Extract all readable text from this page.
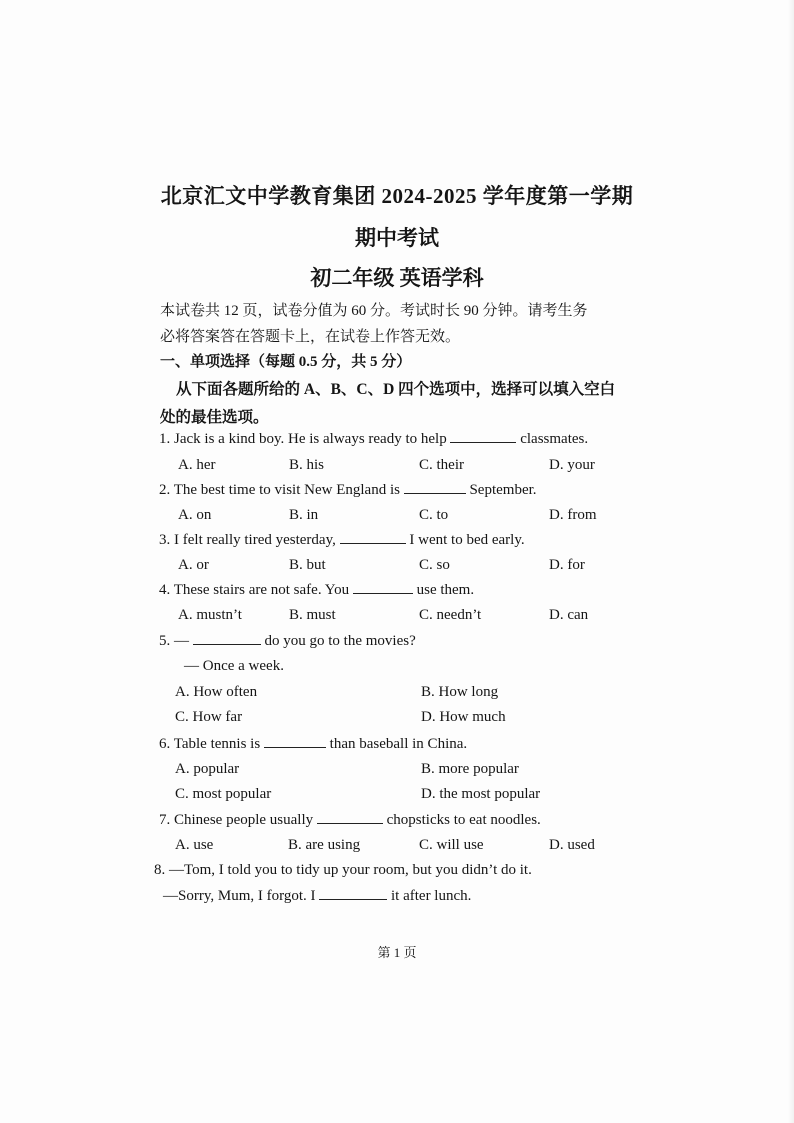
北京汇文中学教育集团 2024-2025 学年度第一学期
期中考试
初二年级 英语学科
本试卷共 12 页，试卷分值为 60 分。考试时长 90 分钟。请考生务
必将答案答在答题卡上，在试卷上作答无效。
一、单项选择（每题 0.5 分，共 5 分）
从下面各题所给的 A、B、C、D 四个选项中，选择可以填入空白处的最佳选项。
1. Jack is a kind boy. He is always ready to help	classmates.
A. her	B. his	C. their	D. your
2. The best time to visit New England is	September.
A. on	B. in	C. to	D. from
3. I felt really tired yesterday,	I went to bed early.
A. or	B. but	C. so	D. for
4. These stairs are not safe. You	use them.
A. mustn’t	B. must	C. needn’t	D. can
5. —	do you go to the movies?
— Once a week.
A. How often	B. How long
C. How far	D. How much
6. Table tennis is	than baseball in China.
A. popular	B. more popular
C. most popular	D. the most popular
7. Chinese people usually	chopsticks to eat noodles.
A. use	B. are using	C. will use	D. used
8. —Tom, I told you to tidy up your room, but you didn’t do it.
—Sorry, Mum, I forgot. I	it after lunch.
第 1 页
